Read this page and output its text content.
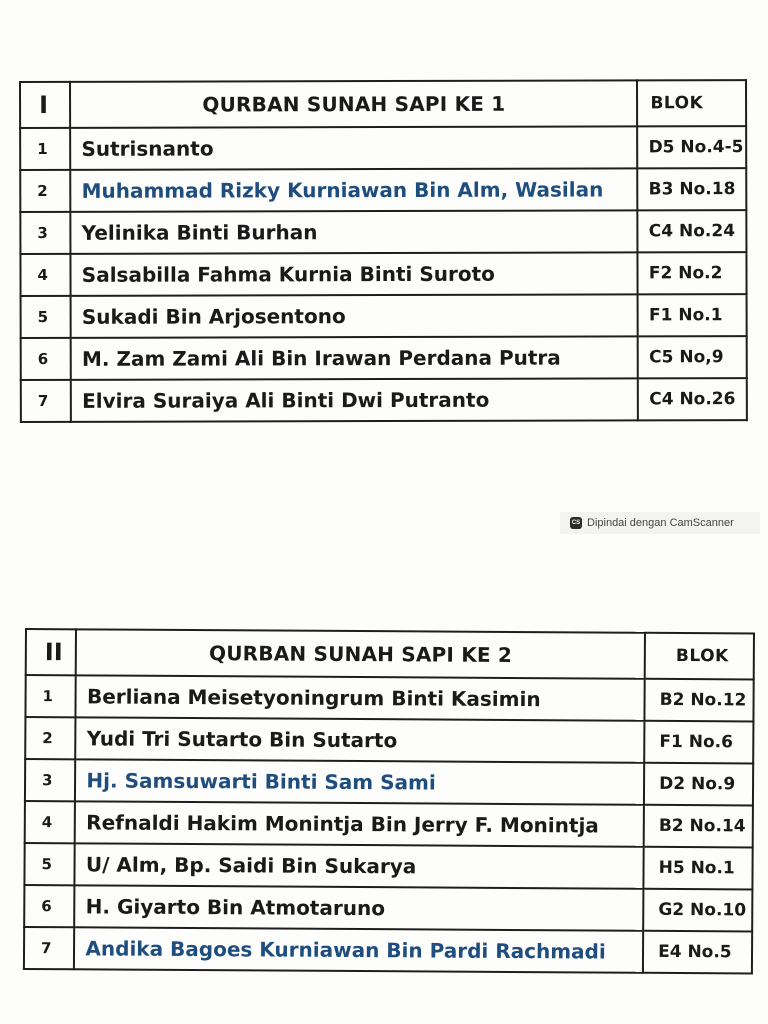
I	QURBAN SUNAH SAPI KE 1	BLOK
1	Sutrisnanto	D5 No.4-5
2	Muhammad Rizky Kurniawan Bin Alm, Wasilan	B3 No.18
3	Yelinika Binti Burhan	C4 No.24
4	Salsabilla Fahma Kurnia Binti Suroto	F2 No.2
5	Sukadi Bin Arjosentono	F1 No.1
6	M. Zam Zami Ali Bin Irawan Perdana Putra	C5 No,9
7	Elvira Suraiya Ali Binti Dwi Putranto	C4 No.26
CS Dipindai dengan CamScanner
II	QURBAN SUNAH SAPI KE 2	BLOK
1	Berliana Meisetyoningrum Binti Kasimin	B2 No.12
2	Yudi Tri Sutarto Bin Sutarto	F1 No.6
3	Hj. Samsuwarti Binti Sam Sami	D2 No.9
4	Refnaldi Hakim Monintja Bin Jerry F. Monintja	B2 No.14
5	U/ Alm, Bp. Saidi Bin Sukarya	H5 No.1
6	H. Giyarto Bin Atmotaruno	G2 No.10
7	Andika Bagoes Kurniawan Bin Pardi Rachmadi	E4 No.5
